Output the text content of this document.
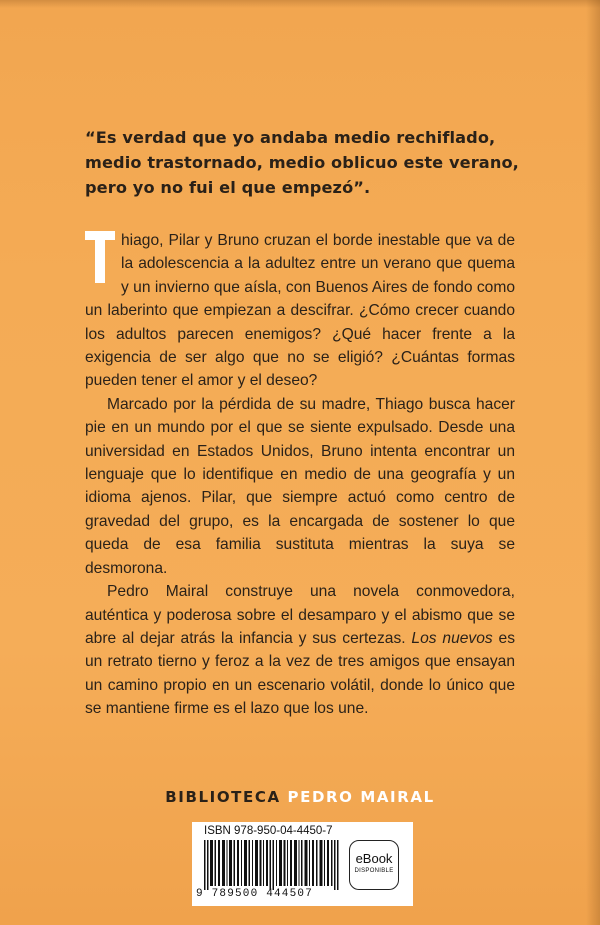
“Es verdad que yo andaba medio rechiflado, medio trastornado, medio oblicuo este verano, pero yo no fui el que empezó”.

hiago, Pilar y Bruno cruzan el borde inestable que va de la adolescencia a la adultez entre un verano que quema y un invierno que aísla, con Buenos Aires de fondo como un laberinto que empiezan a descifrar. ¿Cómo crecer cuando los adultos parecen enemigos? ¿Qué hacer frente a la exigencia de ser algo que no se eligió? ¿Cuántas formas pueden tener el amor y el deseo?

Marcado por la pérdida de su madre, Thiago busca hacer pie en un mundo por el que se siente expulsado. Desde una universidad en Estados Unidos, Bruno intenta encontrar un lenguaje que lo identifique en medio de una geografía y un idioma ajenos. Pilar, que siempre actuó como centro de gravedad del grupo, es la encargada de sostener lo que queda de esa familia sustituta mientras la suya se desmorona.

Pedro Mairal construye una novela conmovedora, auténtica y poderosa sobre el desamparo y el abismo que se abre al dejar atrás la infancia y sus certezas. Los nuevos es un retrato tierno y feroz a la vez de tres amigos que ensayan un camino propio en un escenario volátil, donde lo único que se mantiene firme es el lazo que los une.

BIBLIOTECA PEDRO MAIRAL
ISBN 978-950-04-4450-7
9 789500 444507
eBook
DISPONIBLE
